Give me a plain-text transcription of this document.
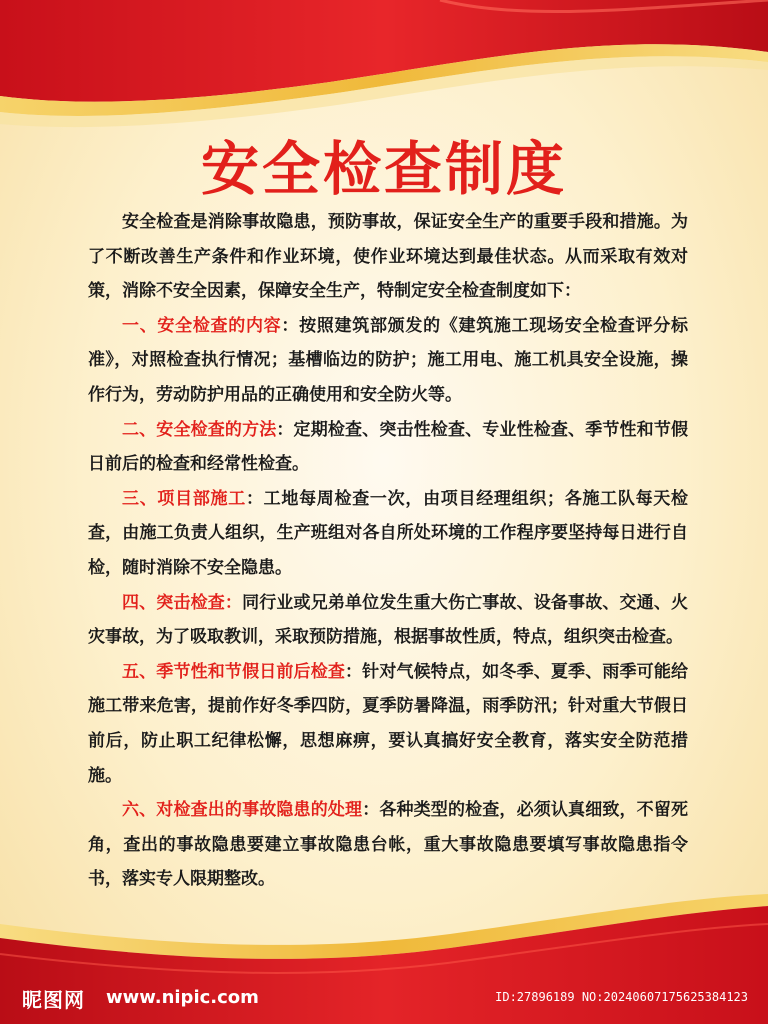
安全检查制度

安全检查是消除事故隐患，预防事故，保证安全生产的重要手段和措施。为了不断改善生产条件和作业环境，使作业环境达到最佳状态。从而采取有效对策，消除不安全因素，保障安全生产，特制定安全检查制度如下：

一、安全检查的内容：按照建筑部颁发的《建筑施工现场安全检查评分标准》，对照检查执行情况；基槽临边的防护；施工用电、施工机具安全设施，操作行为，劳动防护用品的正确使用和安全防火等。

二、安全检查的方法：定期检查、突击性检查、专业性检查、季节性和节假日前后的检查和经常性检查。

三、项目部施工：工地每周检查一次，由项目经理组织；各施工队每天检查，由施工负责人组织，生产班组对各自所处环境的工作程序要坚持每日进行自检，随时消除不安全隐患。

四、突击检查：同行业或兄弟单位发生重大伤亡事故、设备事故、交通、火灾事故，为了吸取教训，采取预防措施，根据事故性质，特点，组织突击检查。

五、季节性和节假日前后检查：针对气候特点，如冬季、夏季、雨季可能给施工带来危害，提前作好冬季四防，夏季防暑降温，雨季防汛；针对重大节假日前后，防止职工纪律松懈，思想麻痹，要认真搞好安全教育，落实安全防范措施。

六、对检查出的事故隐患的处理：各种类型的检查，必须认真细致，不留死角，查出的事故隐患要建立事故隐患台帐，重大事故隐患要填写事故隐患指令书，落实专人限期整改。

昵图网 www.nipic.com	ID:27896189 NO:20240607175625384123
